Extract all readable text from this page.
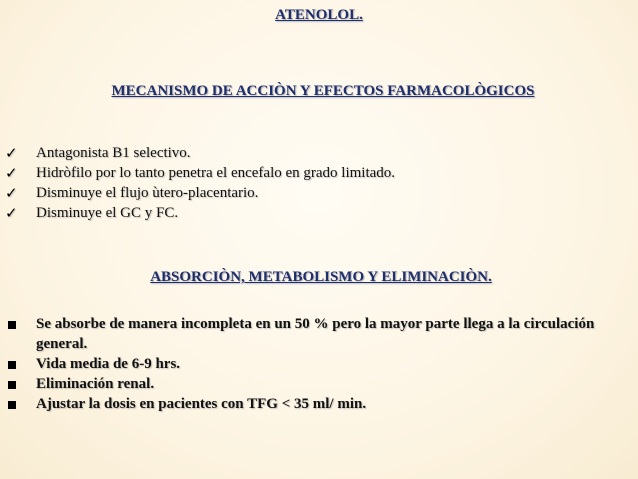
ATENOLOL.
MECANISMO DE ACCIÒN Y EFECTOS FARMACOLÒGICOS
✓ Antagonista B1 selectivo.
✓ Hidròfilo por lo tanto penetra el encefalo en grado limitado.
✓ Disminuye el flujo ùtero-placentario.
✓ Disminuye el GC y FC.
ABSORCIÒN, METABOLISMO Y ELIMINACIÒN.
Se absorbe de manera incompleta en un 50 % pero la mayor parte llega a la circulación general.
Vida media de 6-9 hrs.
Eliminación renal.
Ajustar la dosis en pacientes con TFG < 35 ml/ min.
